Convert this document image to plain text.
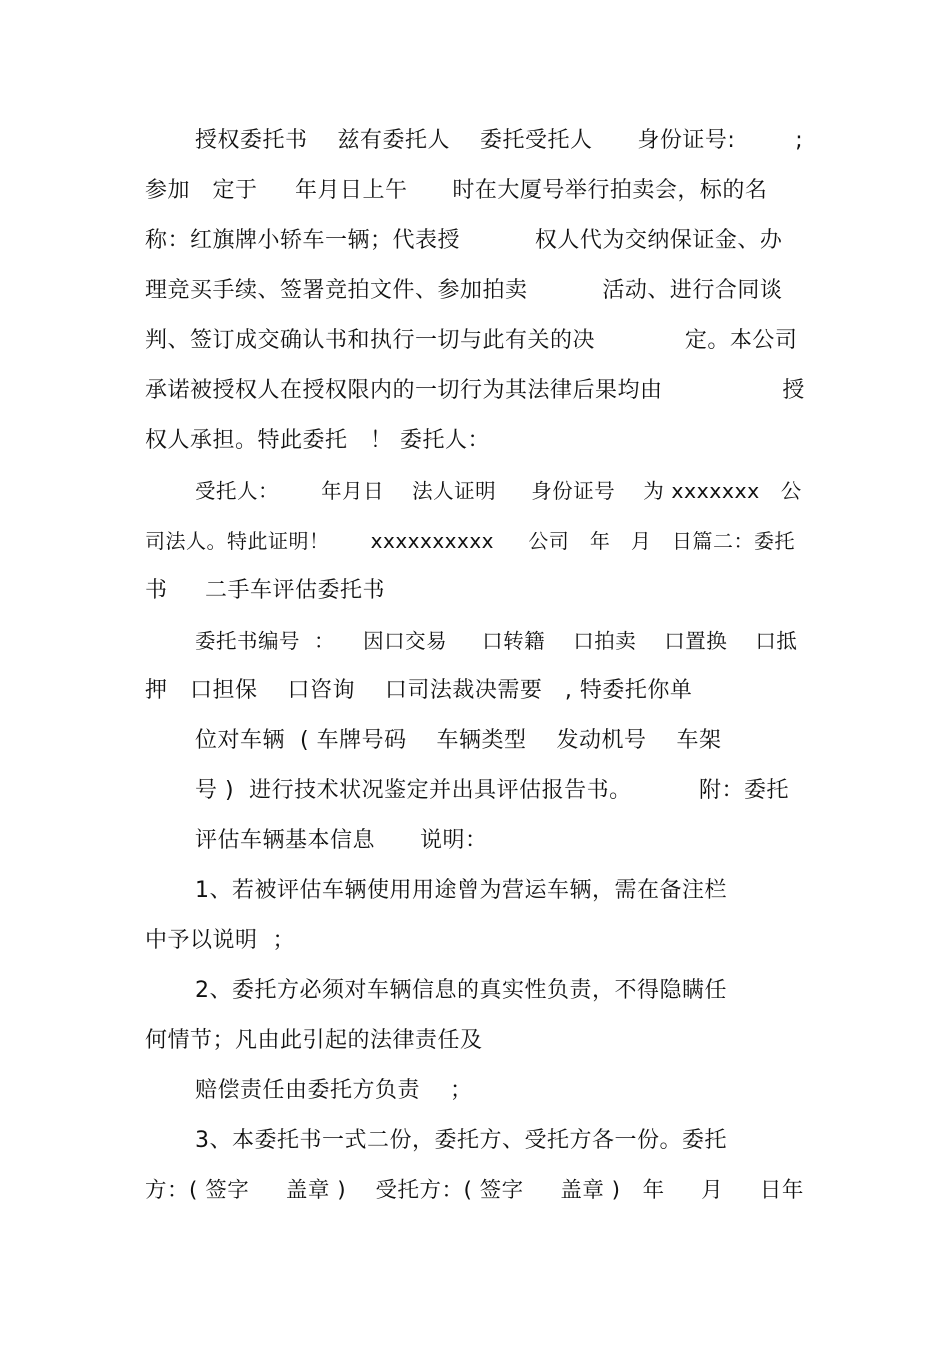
授权委托书    兹有委托人    委托受托人      身份证号:        ;
参加   定于     年月日上午      时在大厦号举行拍卖会，标的名
称：红旗牌小轿车一辆；代表授          权人代为交纳保证金、办
理竞买手续、签署竞拍文件、参加拍卖          活动、进行合同谈
判、签订成交确认书和执行一切与此有关的决            定。本公司
承诺被授权人在授权限内的一切行为其法律后果均由                授
权人承担。特此委托   ！ 委托人：
受托人：      年月日    法人证明     身份证号    为 xxxxxxx   公
司法人。特此证明！      xxxxxxxxxx     公司   年   月   日篇二：委托
书     二手车评估委托书
委托书编号  ：    因口交易     口转籍    口拍卖    口置换    口抵
押   口担保    口咨询    口司法裁决需要   , 特委托你单
位对车辆  ( 车牌号码    车辆类型    发动机号    车架
号 )  进行技术状况鉴定并出具评估报告书。         附：委托
评估车辆基本信息      说明：
1、若被评估车辆使用用途曾为营运车辆，需在备注栏
中予以说明  ；
2、委托方必须对车辆信息的真实性负责，不得隐瞒任
何情节；凡由此引起的法律责任及
赔偿责任由委托方负责    ；
3、本委托书一式二份，委托方、受托方各一份。委托
方：( 签字     盖章 )    受托方：( 签字     盖章 )   年     月     日年
